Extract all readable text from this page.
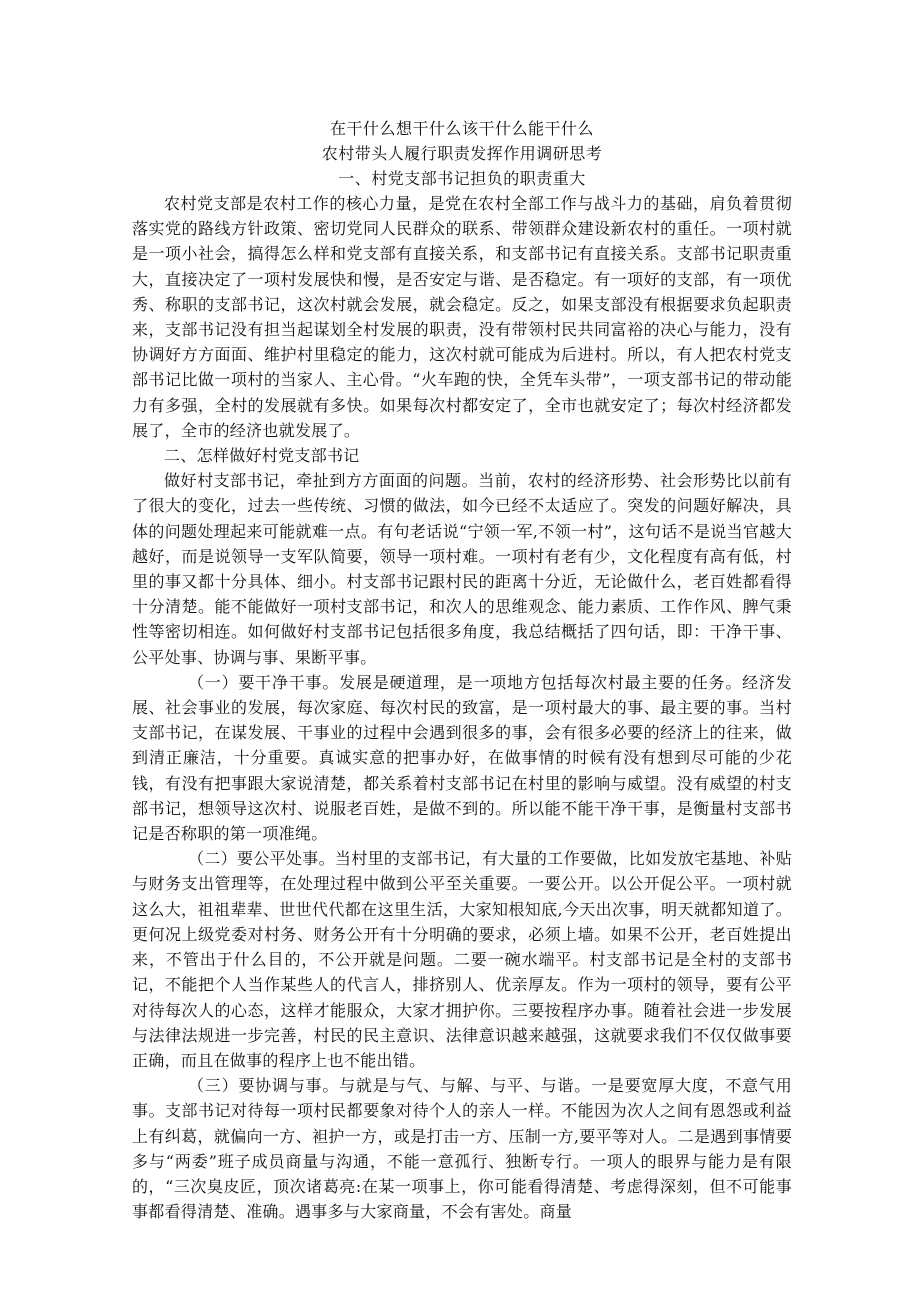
在干什么想干什么该干什么能干什么

农村带头人履行职责发挥作用调研思考

一、村党支部书记担负的职责重大

农村党支部是农村工作的核心力量，是党在农村全部工作与战斗力的基础，肩负着贯彻落实党的路线方针政策、密切党同人民群众的联系、带领群众建设新农村的重任。一项村就是一项小社会，搞得怎么样和党支部有直接关系，和支部书记有直接关系。支部书记职责重大，直接决定了一项村发展快和慢，是否安定与谐、是否稳定。有一项好的支部，有一项优秀、称职的支部书记，这次村就会发展，就会稳定。反之，如果支部没有根据要求负起职责来，支部书记没有担当起谋划全村发展的职责，没有带领村民共同富裕的决心与能力，没有协调好方方面面、维护村里稳定的能力，这次村就可能成为后进村。所以，有人把农村党支部书记比做一项村的当家人、主心骨。“火车跑的快，全凭车头带”，一项支部书记的带动能力有多强，全村的发展就有多快。如果每次村都安定了，全市也就安定了；每次村经济都发展了，全市的经济也就发展了。

二、怎样做好村党支部书记

做好村支部书记，牵扯到方方面面的问题。当前，农村的经济形势、社会形势比以前有了很大的变化，过去一些传统、习惯的做法，如今已经不太适应了。突发的问题好解决，具体的问题处理起来可能就难一点。有句老话说“宁领一军,不领一村”，这句话不是说当官越大越好，而是说领导一支军队简要，领导一项村难。一项村有老有少，文化程度有高有低，村里的事又都十分具体、细小。村支部书记跟村民的距离十分近，无论做什么，老百姓都看得十分清楚。能不能做好一项村支部书记，和次人的思维观念、能力素质、工作作风、脾气秉性等密切相连。如何做好村支部书记包括很多角度，我总结概括了四句话，即：干净干事、公平处事、协调与事、果断平事。

（一）要干净干事。发展是硬道理，是一项地方包括每次村最主要的任务。经济发展、社会事业的发展，每次家庭、每次村民的致富，是一项村最大的事、最主要的事。当村支部书记，在谋发展、干事业的过程中会遇到很多的事，会有很多必要的经济上的往来，做到清正廉洁，十分重要。真诚实意的把事办好，在做事情的时候有没有想到尽可能的少花钱，有没有把事跟大家说清楚，都关系着村支部书记在村里的影响与威望。没有威望的村支部书记，想领导这次村、说服老百姓，是做不到的。所以能不能干净干事，是衡量村支部书记是否称职的第一项准绳。

（二）要公平处事。当村里的支部书记，有大量的工作要做，比如发放宅基地、补贴与财务支出管理等，在处理过程中做到公平至关重要。一要公开。以公开促公平。一项村就这么大，祖祖辈辈、世世代代都在这里生活，大家知根知底,今天出次事，明天就都知道了。更何况上级党委对村务、财务公开有十分明确的要求，必须上墙。如果不公开，老百姓提出来，不管出于什么目的，不公开就是问题。二要一碗水端平。村支部书记是全村的支部书记，不能把个人当作某些人的代言人，排挤别人、优亲厚友。作为一项村的领导，要有公平对待每次人的心态，这样才能服众，大家才拥护你。三要按程序办事。随着社会进一步发展与法律法规进一步完善，村民的民主意识、法律意识越来越强，这就要求我们不仅仅做事要正确，而且在做事的程序上也不能出错。

（三）要协调与事。与就是与气、与解、与平、与谐。一是要宽厚大度，不意气用事。支部书记对待每一项村民都要象对待个人的亲人一样。不能因为次人之间有恩怨或利益上有纠葛，就偏向一方、袒护一方，或是打击一方、压制一方,要平等对人。二是遇到事情要多与“两委”班子成员商量与沟通，不能一意孤行、独断专行。一项人的眼界与能力是有限的，“三次臭皮匠，顶次诸葛亮:在某一项事上，你可能看得清楚、考虑得深刻，但不可能事事都看得清楚、准确。遇事多与大家商量，不会有害处。商量
